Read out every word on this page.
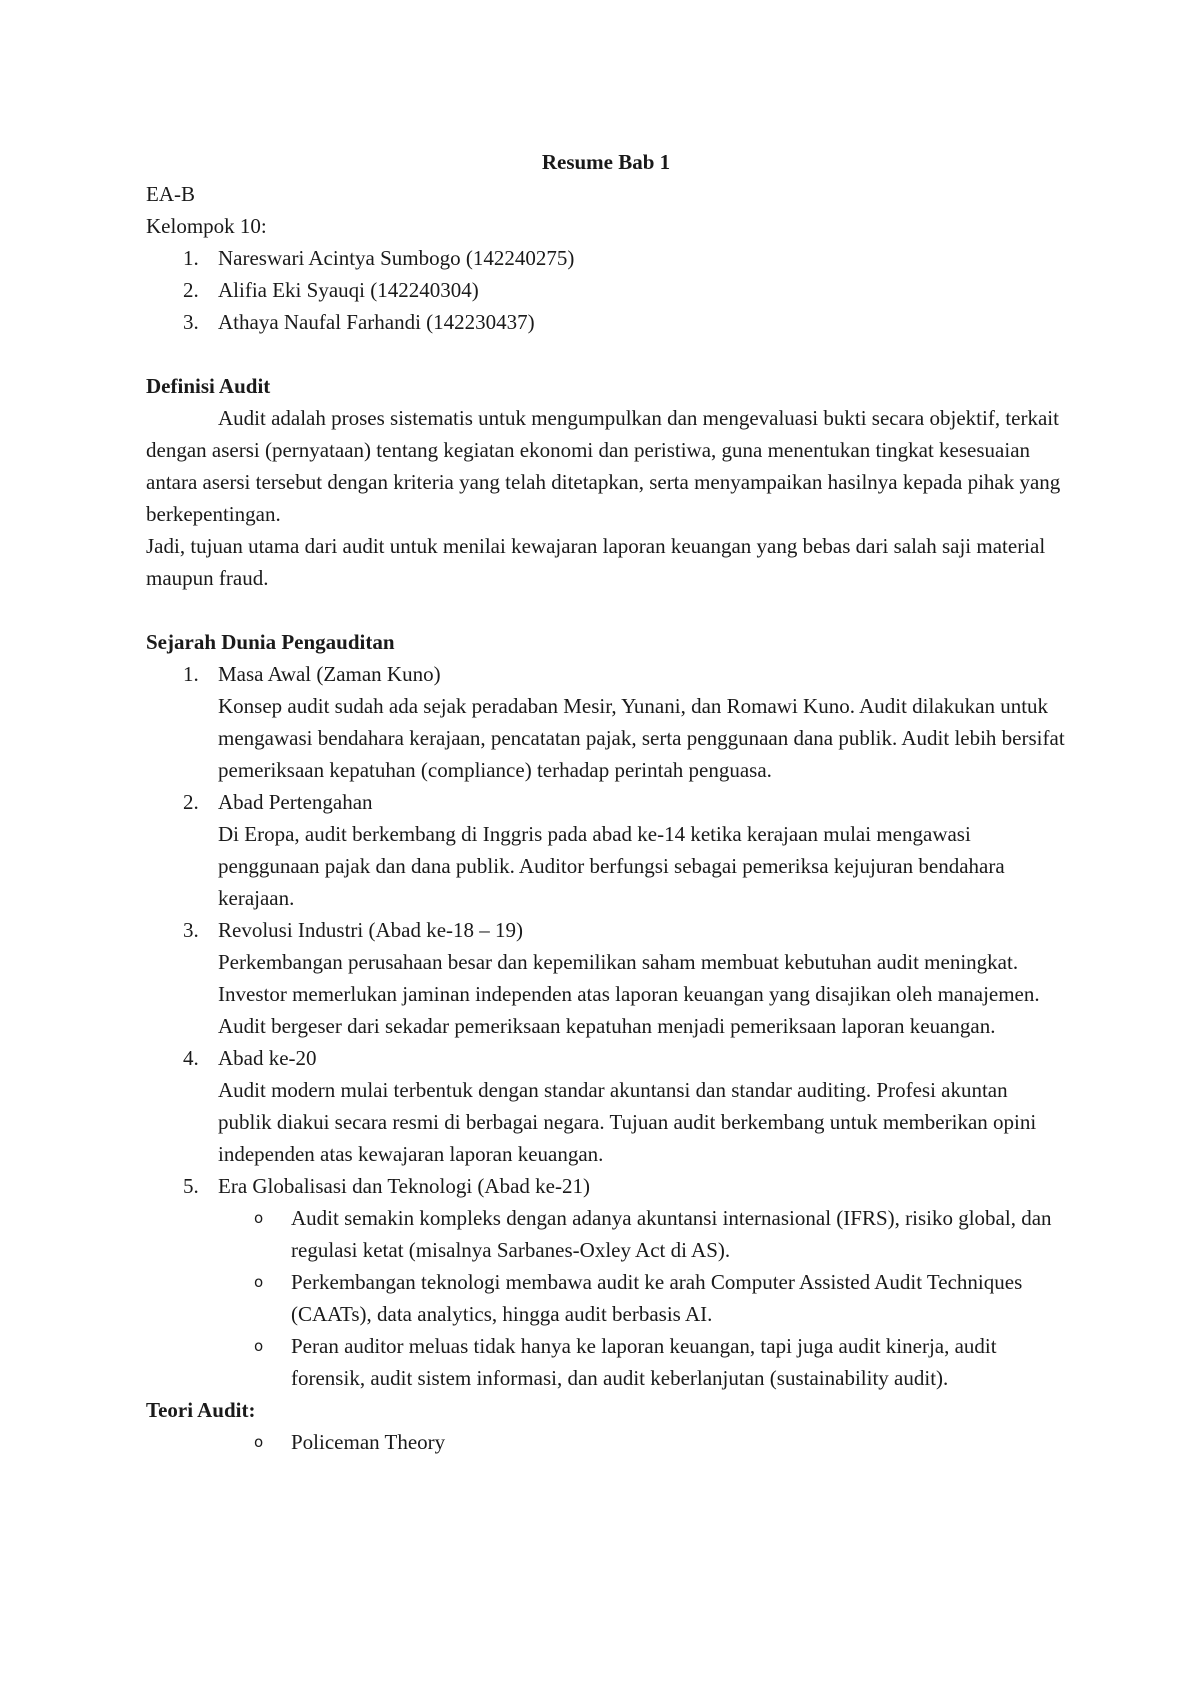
Resume Bab 1

EA-B

Kelompok 10:

1. Nareswari Acintya Sumbogo (142240275)
2. Alifia Eki Syauqi (142240304)
3. Athaya Naufal Farhandi (142230437)

Definisi Audit

Audit adalah proses sistematis untuk mengumpulkan dan mengevaluasi bukti secara objektif, terkait dengan asersi (pernyataan) tentang kegiatan ekonomi dan peristiwa, guna menentukan tingkat kesesuaian antara asersi tersebut dengan kriteria yang telah ditetapkan, serta menyampaikan hasilnya kepada pihak yang berkepentingan.

Jadi, tujuan utama dari audit untuk menilai kewajaran laporan keuangan yang bebas dari salah saji material maupun fraud.

Sejarah Dunia Pengauditan

1. Masa Awal (Zaman Kuno)
Konsep audit sudah ada sejak peradaban Mesir, Yunani, dan Romawi Kuno. Audit dilakukan untuk mengawasi bendahara kerajaan, pencatatan pajak, serta penggunaan dana publik. Audit lebih bersifat pemeriksaan kepatuhan (compliance) terhadap perintah penguasa.
2. Abad Pertengahan
Di Eropa, audit berkembang di Inggris pada abad ke-14 ketika kerajaan mulai mengawasi penggunaan pajak dan dana publik. Auditor berfungsi sebagai pemeriksa kejujuran bendahara kerajaan.
3. Revolusi Industri (Abad ke-18 – 19)
Perkembangan perusahaan besar dan kepemilikan saham membuat kebutuhan audit meningkat. Investor memerlukan jaminan independen atas laporan keuangan yang disajikan oleh manajemen. Audit bergeser dari sekadar pemeriksaan kepatuhan menjadi pemeriksaan laporan keuangan.
4. Abad ke-20
Audit modern mulai terbentuk dengan standar akuntansi dan standar auditing. Profesi akuntan publik diakui secara resmi di berbagai negara. Tujuan audit berkembang untuk memberikan opini independen atas kewajaran laporan keuangan.
5. Era Globalisasi dan Teknologi (Abad ke-21)
o Audit semakin kompleks dengan adanya akuntansi internasional (IFRS), risiko global, dan regulasi ketat (misalnya Sarbanes-Oxley Act di AS).
o Perkembangan teknologi membawa audit ke arah Computer Assisted Audit Techniques (CAATs), data analytics, hingga audit berbasis AI.
o Peran auditor meluas tidak hanya ke laporan keuangan, tapi juga audit kinerja, audit forensik, audit sistem informasi, dan audit keberlanjutan (sustainability audit).

Teori Audit:

o Policeman Theory
